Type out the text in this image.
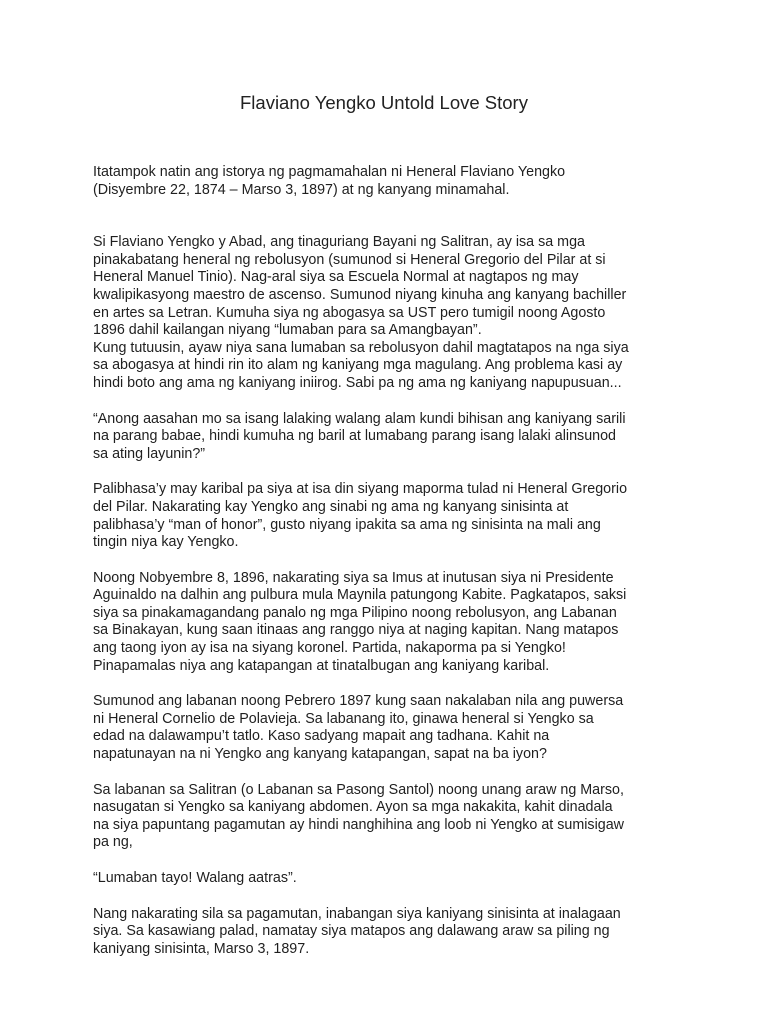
Flaviano Yengko Untold Love Story

Itatampok natin ang istorya ng pagmamahalan ni Heneral Flaviano Yengko
(Disyembre 22, 1874 – Marso 3, 1897) at ng kanyang minamahal.

Si Flaviano Yengko y Abad, ang tinaguriang Bayani ng Salitran, ay isa sa mga
pinakabatang heneral ng rebolusyon (sumunod si Heneral Gregorio del Pilar at si
Heneral Manuel Tinio). Nag-aral siya sa Escuela Normal at nagtapos ng may
kwalipikasyong maestro de ascenso. Sumunod niyang kinuha ang kanyang bachiller
en artes sa Letran. Kumuha siya ng abogasya sa UST pero tumigil noong Agosto
1896 dahil kailangan niyang “lumaban para sa Amangbayan”.

Kung tutuusin, ayaw niya sana lumaban sa rebolusyon dahil magtatapos na nga siya
sa abogasya at hindi rin ito alam ng kaniyang mga magulang. Ang problema kasi ay
hindi boto ang ama ng kaniyang iniirog. Sabi pa ng ama ng kaniyang napupusuan...

“Anong aasahan mo sa isang lalaking walang alam kundi bihisan ang kaniyang sarili
na parang babae, hindi kumuha ng baril at lumabang parang isang lalaki alinsunod
sa ating layunin?”

Palibhasa’y may karibal pa siya at isa din siyang maporma tulad ni Heneral Gregorio
del Pilar. Nakarating kay Yengko ang sinabi ng ama ng kanyang sinisinta at
palibhasa’y “man of honor”, gusto niyang ipakita sa ama ng sinisinta na mali ang
tingin niya kay Yengko.

Noong Nobyembre 8, 1896, nakarating siya sa Imus at inutusan siya ni Presidente
Aguinaldo na dalhin ang pulbura mula Maynila patungong Kabite. Pagkatapos, saksi
siya sa pinakamagandang panalo ng mga Pilipino noong rebolusyon, ang Labanan
sa Binakayan, kung saan itinaas ang ranggo niya at naging kapitan. Nang matapos
ang taong iyon ay isa na siyang koronel. Partida, nakaporma pa si Yengko!
Pinapamalas niya ang katapangan at tinatalbugan ang kaniyang karibal.

Sumunod ang labanan noong Pebrero 1897 kung saan nakalaban nila ang puwersa
ni Heneral Cornelio de Polavieja. Sa labanang ito, ginawa heneral si Yengko sa
edad na dalawampu’t tatlo. Kaso sadyang mapait ang tadhana. Kahit na
napatunayan na ni Yengko ang kanyang katapangan, sapat na ba iyon?

Sa labanan sa Salitran (o Labanan sa Pasong Santol) noong unang araw ng Marso,
nasugatan si Yengko sa kaniyang abdomen. Ayon sa mga nakakita, kahit dinadala
na siya papuntang pagamutan ay hindi nanghihina ang loob ni Yengko at sumisigaw
pa ng,

“Lumaban tayo! Walang aatras”.

Nang nakarating sila sa pagamutan, inabangan siya kaniyang sinisinta at inalagaan
siya. Sa kasawiang palad, namatay siya matapos ang dalawang araw sa piling ng
kaniyang sinisinta, Marso 3, 1897.
